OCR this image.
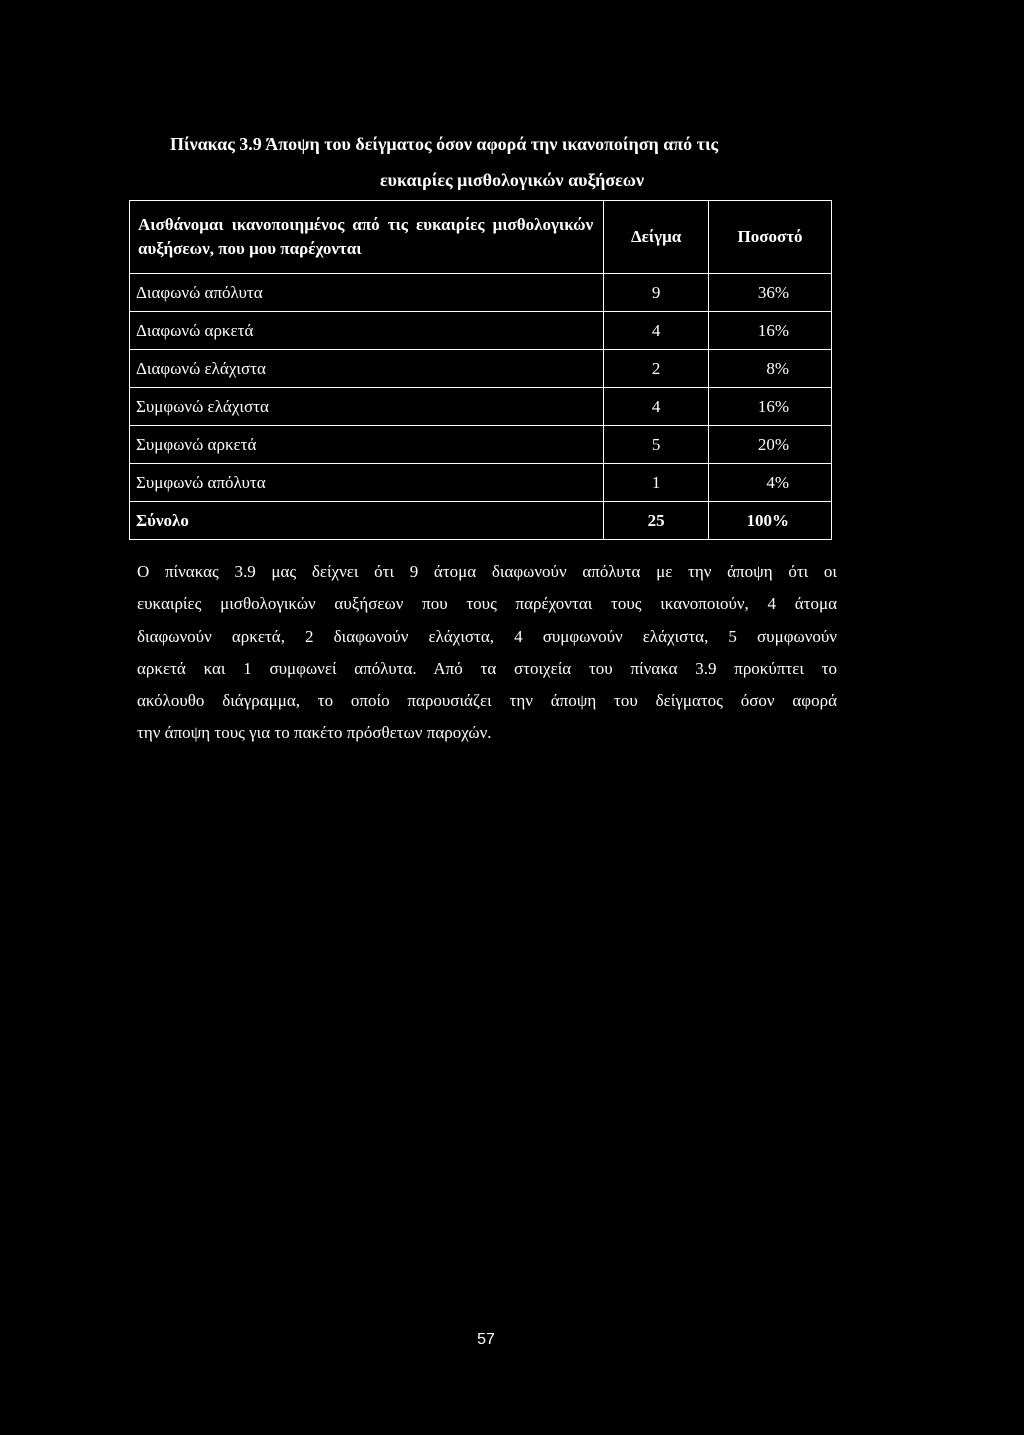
Πίνακας 3.9 Άποψη του δείγματος όσον αφορά την ικανοποίηση από τις
ευκαιρίες μισθολογικών αυξήσεων
Αισθάνομαι ικανοποιημένος από τις ευκαιρίες μισθολογικών αυξήσεων, που μου παρέχονται	Δείγμα	Ποσοστό
Διαφωνώ απόλυτα	9	36%
Διαφωνώ αρκετά	4	16%
Διαφωνώ ελάχιστα	2	8%
Συμφωνώ ελάχιστα	4	16%
Συμφωνώ αρκετά	5	20%
Συμφωνώ απόλυτα	1	4%
Σύνολο	25	100%
Ο πίνακας 3.9 μας δείχνει ότι 9 άτομα διαφωνούν απόλυτα με την άποψη ότι οι
ευκαιρίες μισθολογικών αυξήσεων που τους παρέχονται τους ικανοποιούν, 4 άτομα
διαφωνούν αρκετά, 2 διαφωνούν ελάχιστα, 4 συμφωνούν ελάχιστα, 5 συμφωνούν
αρκετά και 1 συμφωνεί απόλυτα. Από τα στοιχεία του πίνακα 3.9 προκύπτει το
ακόλουθο διάγραμμα, το οποίο παρουσιάζει την άποψη του δείγματος όσον αφορά
την άποψη τους για το πακέτο πρόσθετων παροχών.
57
